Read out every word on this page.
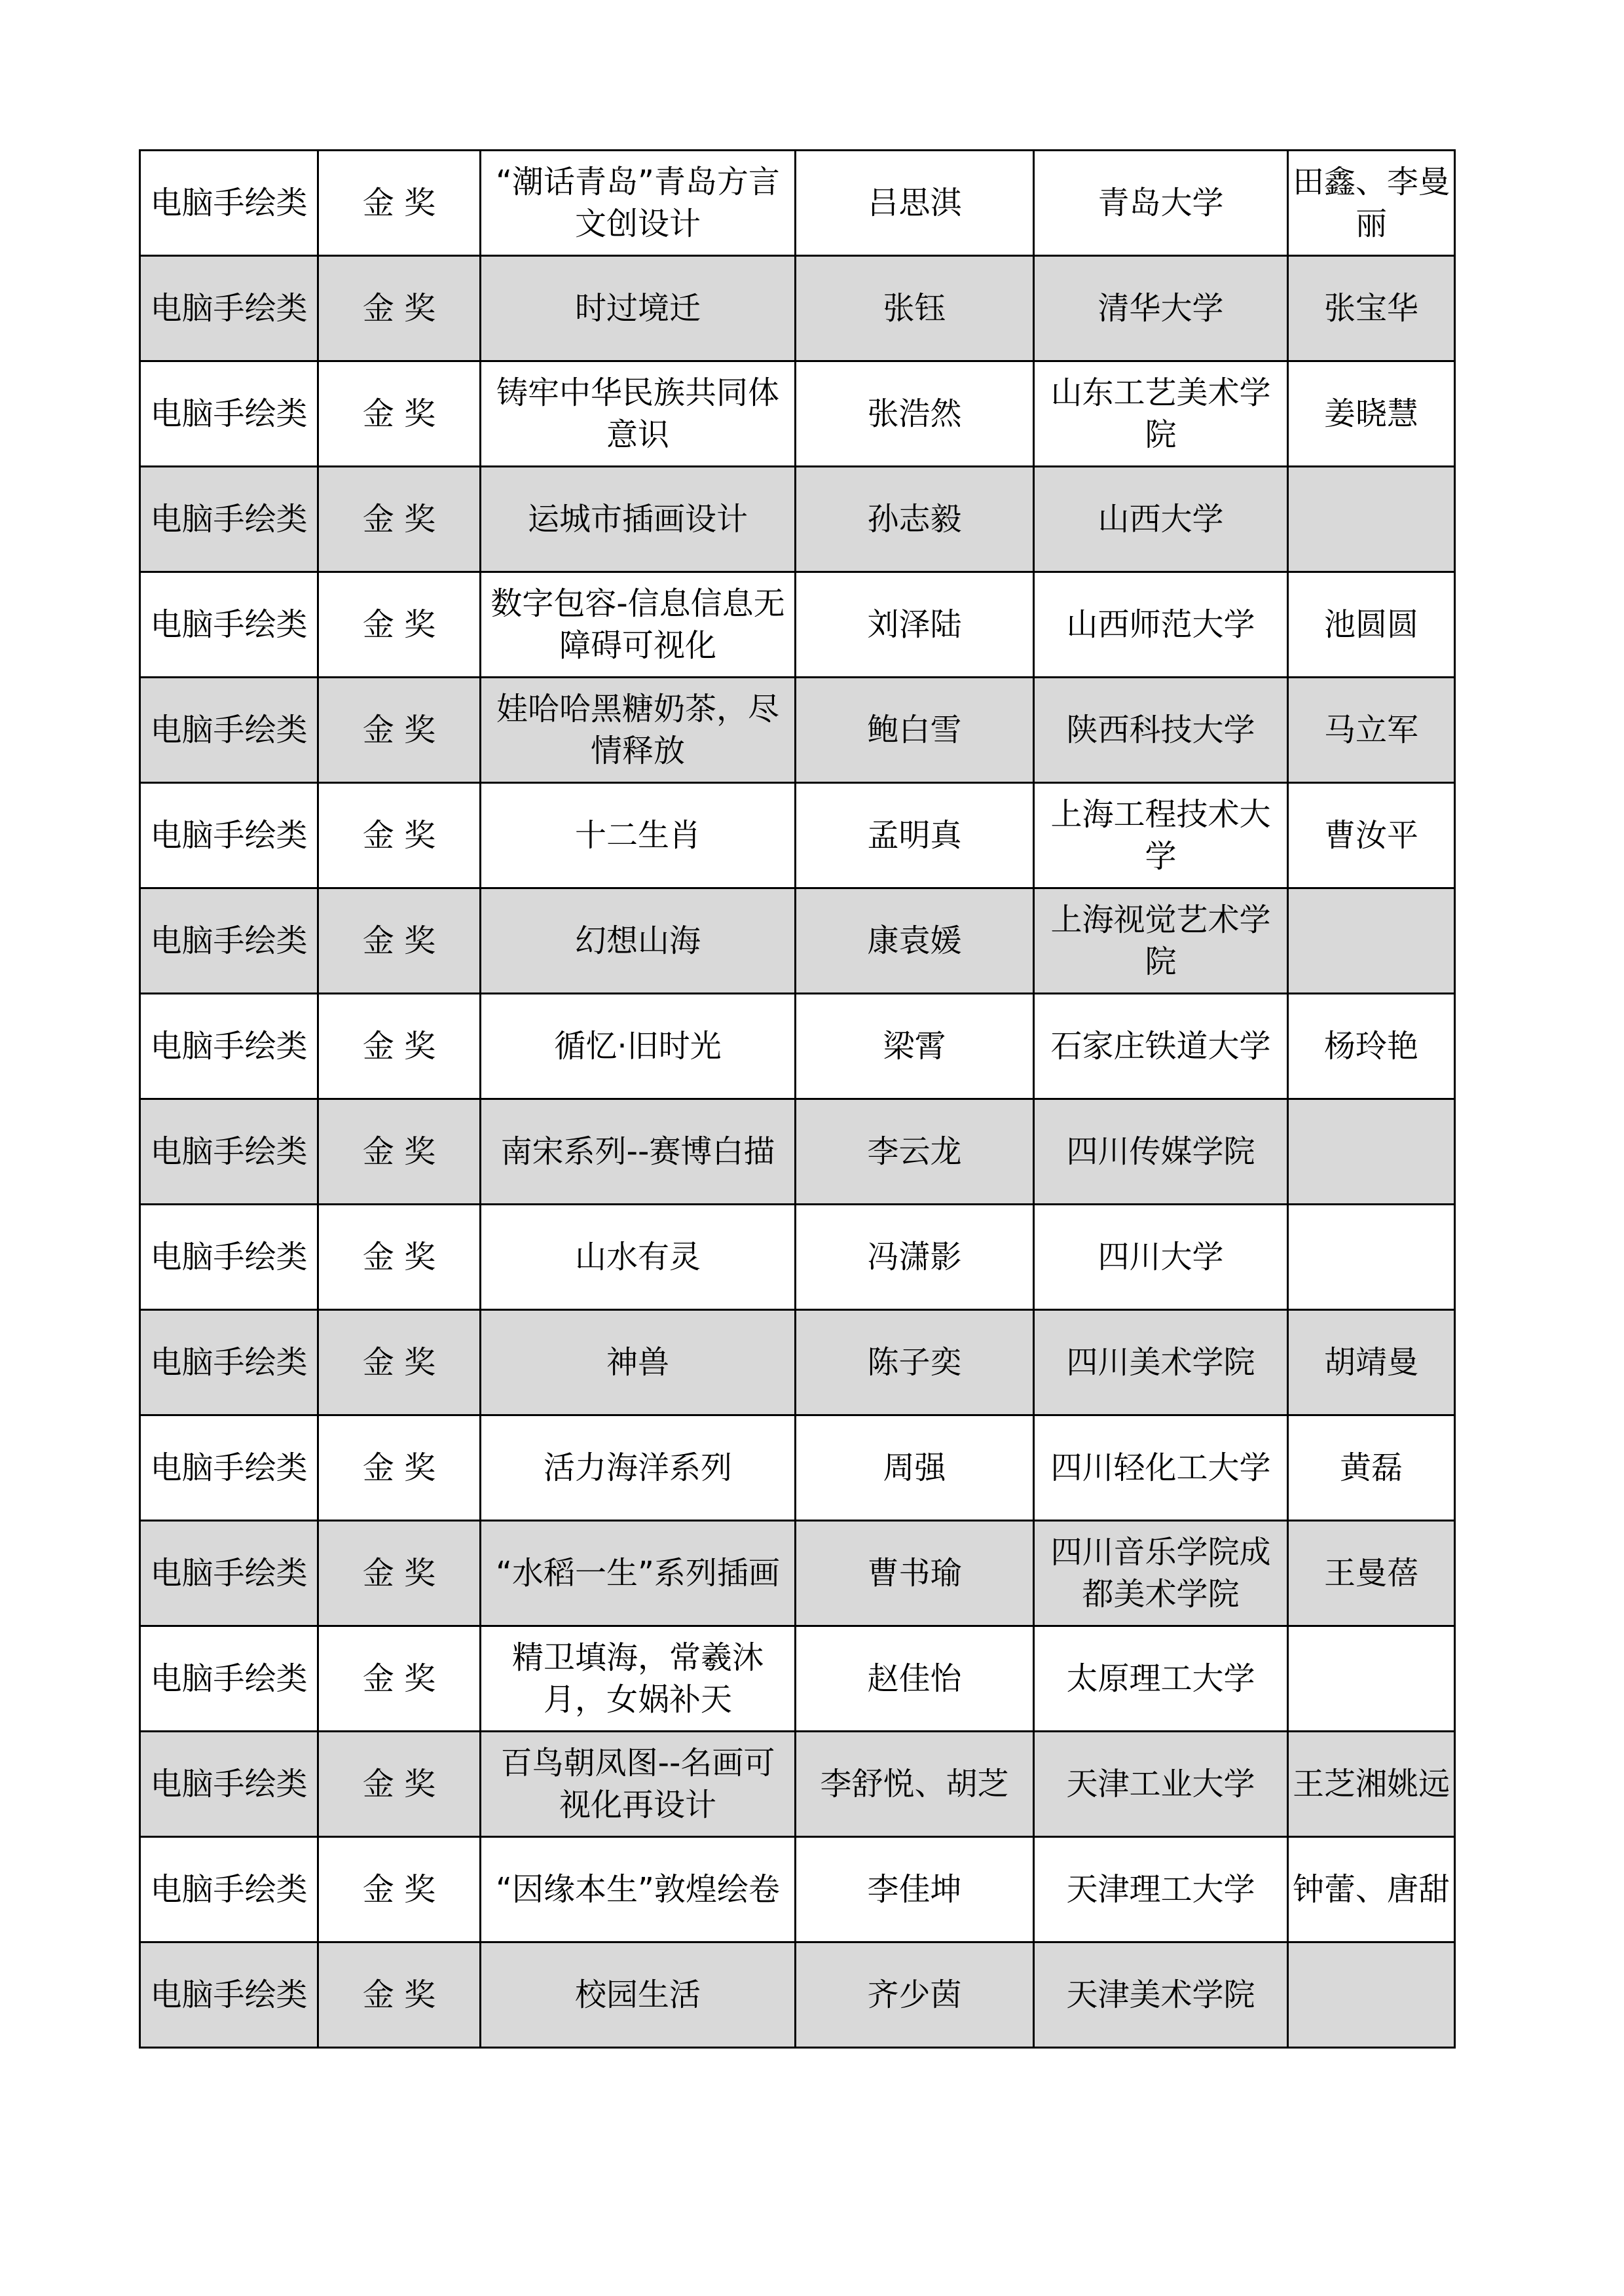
电脑手绘类	金 奖	“潮话青岛”青岛方言文创设计	吕思淇	青岛大学	田鑫、李曼丽

电脑手绘类	金 奖	时过境迁	张钰	清华大学	张宝华

电脑手绘类	金 奖	铸牢中华民族共同体意识	张浩然	山东工艺美术学院	姜晓慧

电脑手绘类	金 奖	运城市插画设计	孙志毅	山西大学	

电脑手绘类	金 奖	数字包容-信息信息无障碍可视化	刘泽陆	山西师范大学	池圆圆

电脑手绘类	金 奖	娃哈哈黑糖奶茶，尽情释放	鲍白雪	陕西科技大学	马立军

电脑手绘类	金 奖	十二生肖	孟明真	上海工程技术大学	曹汝平

电脑手绘类	金 奖	幻想山海	康袁媛	上海视觉艺术学院	

电脑手绘类	金 奖	循忆·旧时光	梁霄	石家庄铁道大学	杨玲艳

电脑手绘类	金 奖	南宋系列--赛博白描	李云龙	四川传媒学院	

电脑手绘类	金 奖	山水有灵	冯潇影	四川大学	

电脑手绘类	金 奖	神兽	陈子奕	四川美术学院	胡靖曼

电脑手绘类	金 奖	活力海洋系列	周强	四川轻化工大学	黄磊

电脑手绘类	金 奖	“水稻一生”系列插画	曹书瑜	四川音乐学院成都美术学院	王曼蓓

电脑手绘类	金 奖	精卫填海，常羲沐月，女娲补天	赵佳怡	太原理工大学	

电脑手绘类	金 奖	百鸟朝凤图--名画可视化再设计	李舒悦、胡芝	天津工业大学	王芝湘姚远

电脑手绘类	金 奖	“因缘本生”敦煌绘卷	李佳坤	天津理工大学	钟蕾、唐甜

电脑手绘类	金 奖	校园生活	齐少茵	天津美术学院	
